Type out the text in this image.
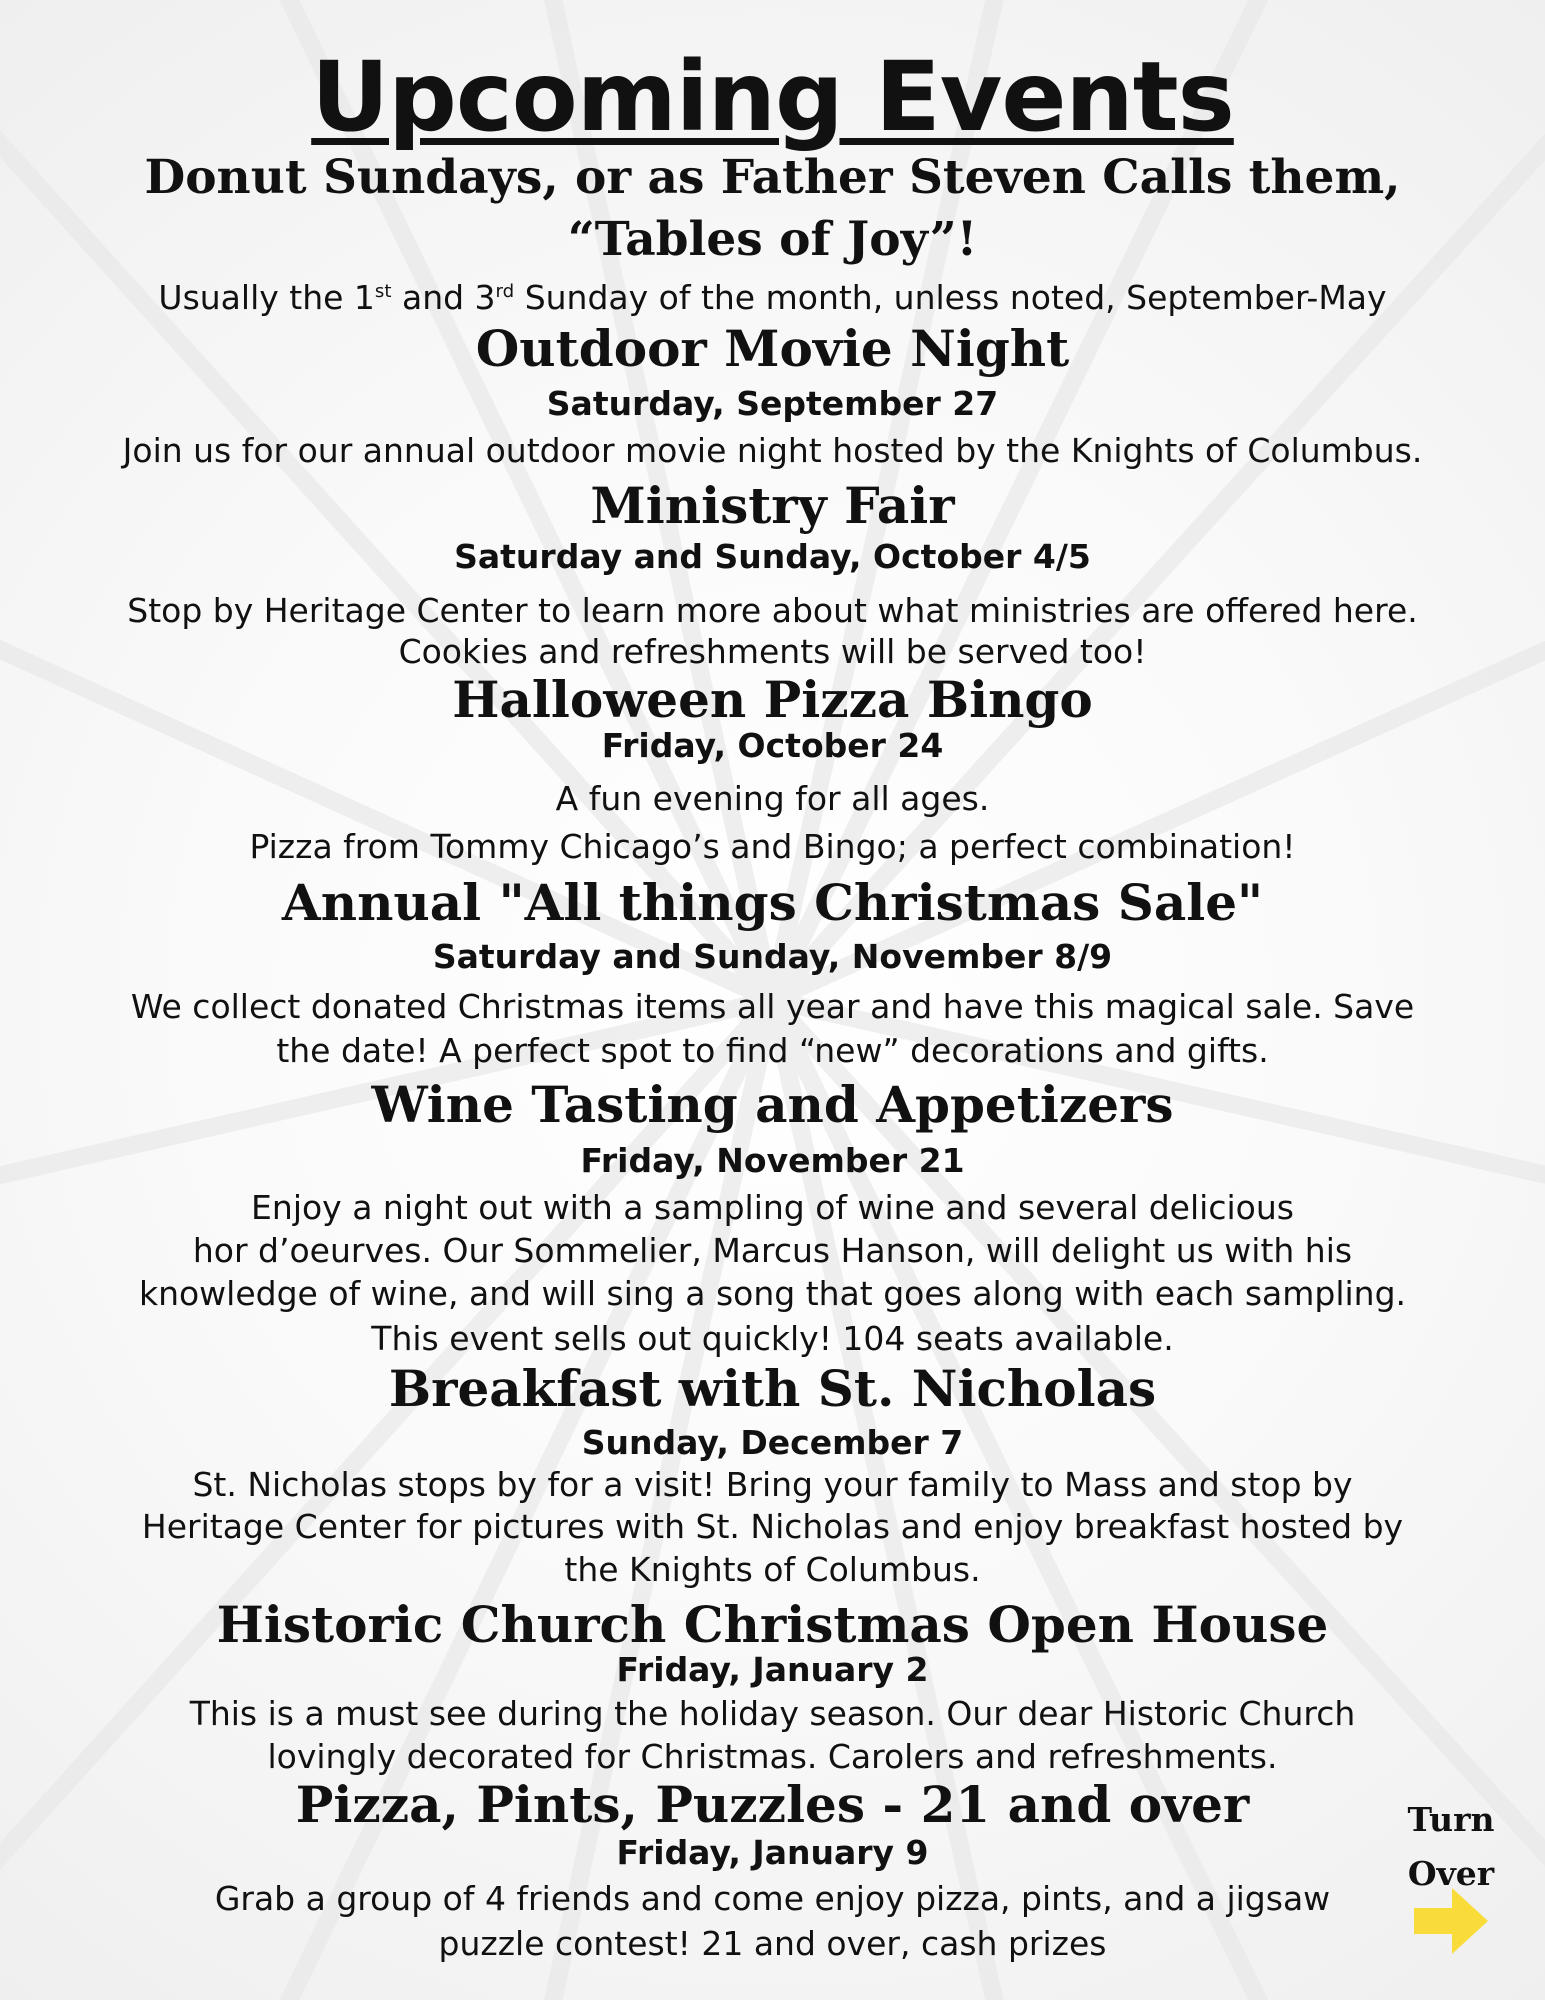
Upcoming Events
Donut Sundays, or as Father Steven Calls them,
“Tables of Joy”!
Usually the 1st and 3rd Sunday of the month, unless noted, September-May
Outdoor Movie Night
Saturday, September 27
Join us for our annual outdoor movie night hosted by the Knights of Columbus.
Ministry Fair
Saturday and Sunday, October 4/5
Stop by Heritage Center to learn more about what ministries are offered here.
Cookies and refreshments will be served too!
Halloween Pizza Bingo
Friday, October 24
A fun evening for all ages.
Pizza from Tommy Chicago’s and Bingo; a perfect combination!
Annual "All things Christmas Sale"
Saturday and Sunday, November 8/9
We collect donated Christmas items all year and have this magical sale. Save
the date! A perfect spot to find “new” decorations and gifts.
Wine Tasting and Appetizers
Friday, November 21
Enjoy a night out with a sampling of wine and several delicious
hor d’oeurves. Our Sommelier, Marcus Hanson, will delight us with his
knowledge of wine, and will sing a song that goes along with each sampling.
This event sells out quickly! 104 seats available.
Breakfast with St. Nicholas
Sunday, December 7
St. Nicholas stops by for a visit! Bring your family to Mass and stop by
Heritage Center for pictures with St. Nicholas and enjoy breakfast hosted by
the Knights of Columbus.
Historic Church Christmas Open House
Friday, January 2
This is a must see during the holiday season. Our dear Historic Church
lovingly decorated for Christmas. Carolers and refreshments.
Pizza, Pints, Puzzles - 21 and over
Friday, January 9
Grab a group of 4 friends and come enjoy pizza, pints, and a jigsaw
puzzle contest! 21 and over, cash prizes
Turn
Over
